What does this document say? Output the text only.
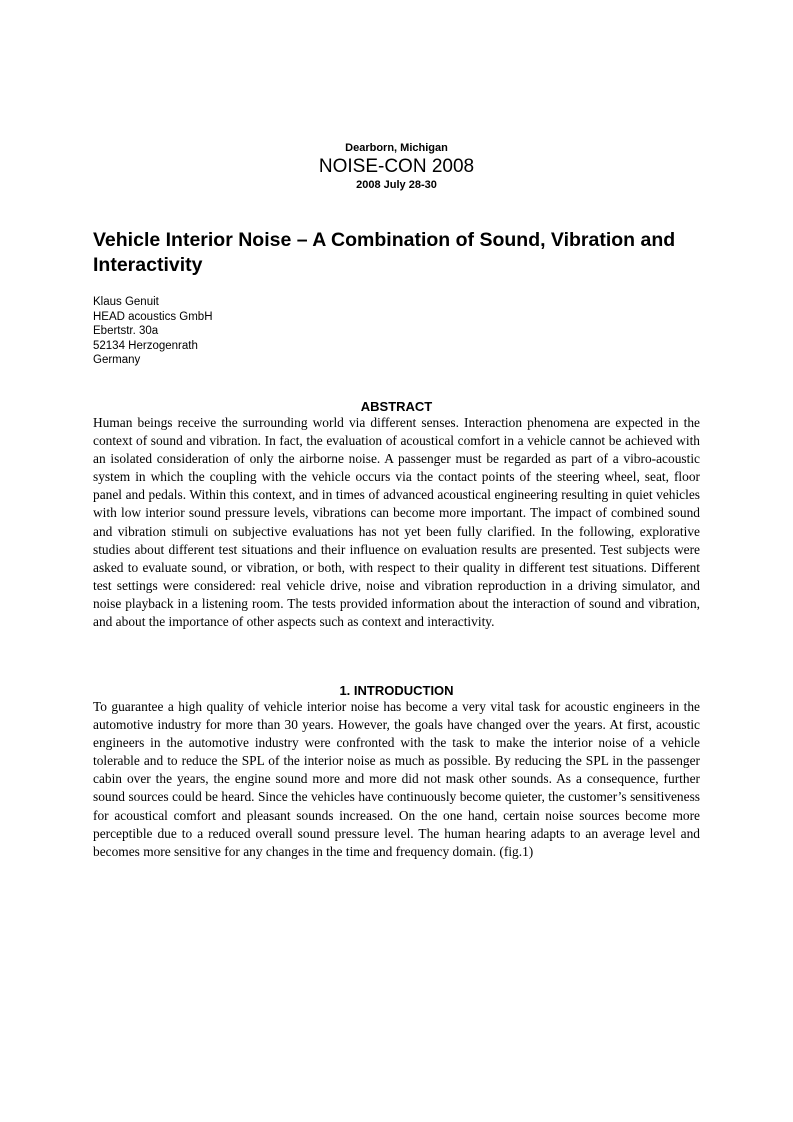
Dearborn, Michigan
NOISE-CON 2008
2008 July 28-30
Vehicle Interior Noise – A Combination of Sound, Vibration and Interactivity
Klaus Genuit
HEAD acoustics GmbH
Ebertstr. 30a
52134 Herzogenrath
Germany
ABSTRACT

Human beings receive the surrounding world via different senses. Interaction phenomena are expected in the context of sound and vibration. In fact, the evaluation of acoustical comfort in a vehicle cannot be achieved with an isolated consideration of only the airborne noise. A passenger must be regarded as part of a vibro-acoustic system in which the coupling with the vehicle occurs via the contact points of the steering wheel, seat, floor panel and pedals. Within this context, and in times of advanced acoustical engineering resulting in quiet vehicles with low interior sound pressure levels, vibrations can become more important. The impact of combined sound and vibration stimuli on subjective evaluations has not yet been fully clarified. In the following, explorative studies about different test situations and their influence on evaluation results are presented. Test subjects were asked to evaluate sound, or vibration, or both, with respect to their quality in different test situations. Different test settings were considered: real vehicle drive, noise and vibration reproduction in a driving simulator, and noise playback in a listening room. The tests provided information about the interaction of sound and vibration, and about the importance of other aspects such as context and interactivity.

1. INTRODUCTION

To guarantee a high quality of vehicle interior noise has become a very vital task for acoustic engineers in the automotive industry for more than 30 years. However, the goals have changed over the years. At first, acoustic engineers in the automotive industry were confronted with the task to make the interior noise of a vehicle tolerable and to reduce the SPL of the interior noise as much as possible. By reducing the SPL in the passenger cabin over the years, the engine sound more and more did not mask other sounds. As a consequence, further sound sources could be heard. Since the vehicles have continuously become quieter, the customer’s sensitiveness for acoustical comfort and pleasant sounds increased. On the one hand, certain noise sources become more perceptible due to a reduced overall sound pressure level. The human hearing adapts to an average level and becomes more sensitive for any changes in the time and frequency domain. (fig.1)
